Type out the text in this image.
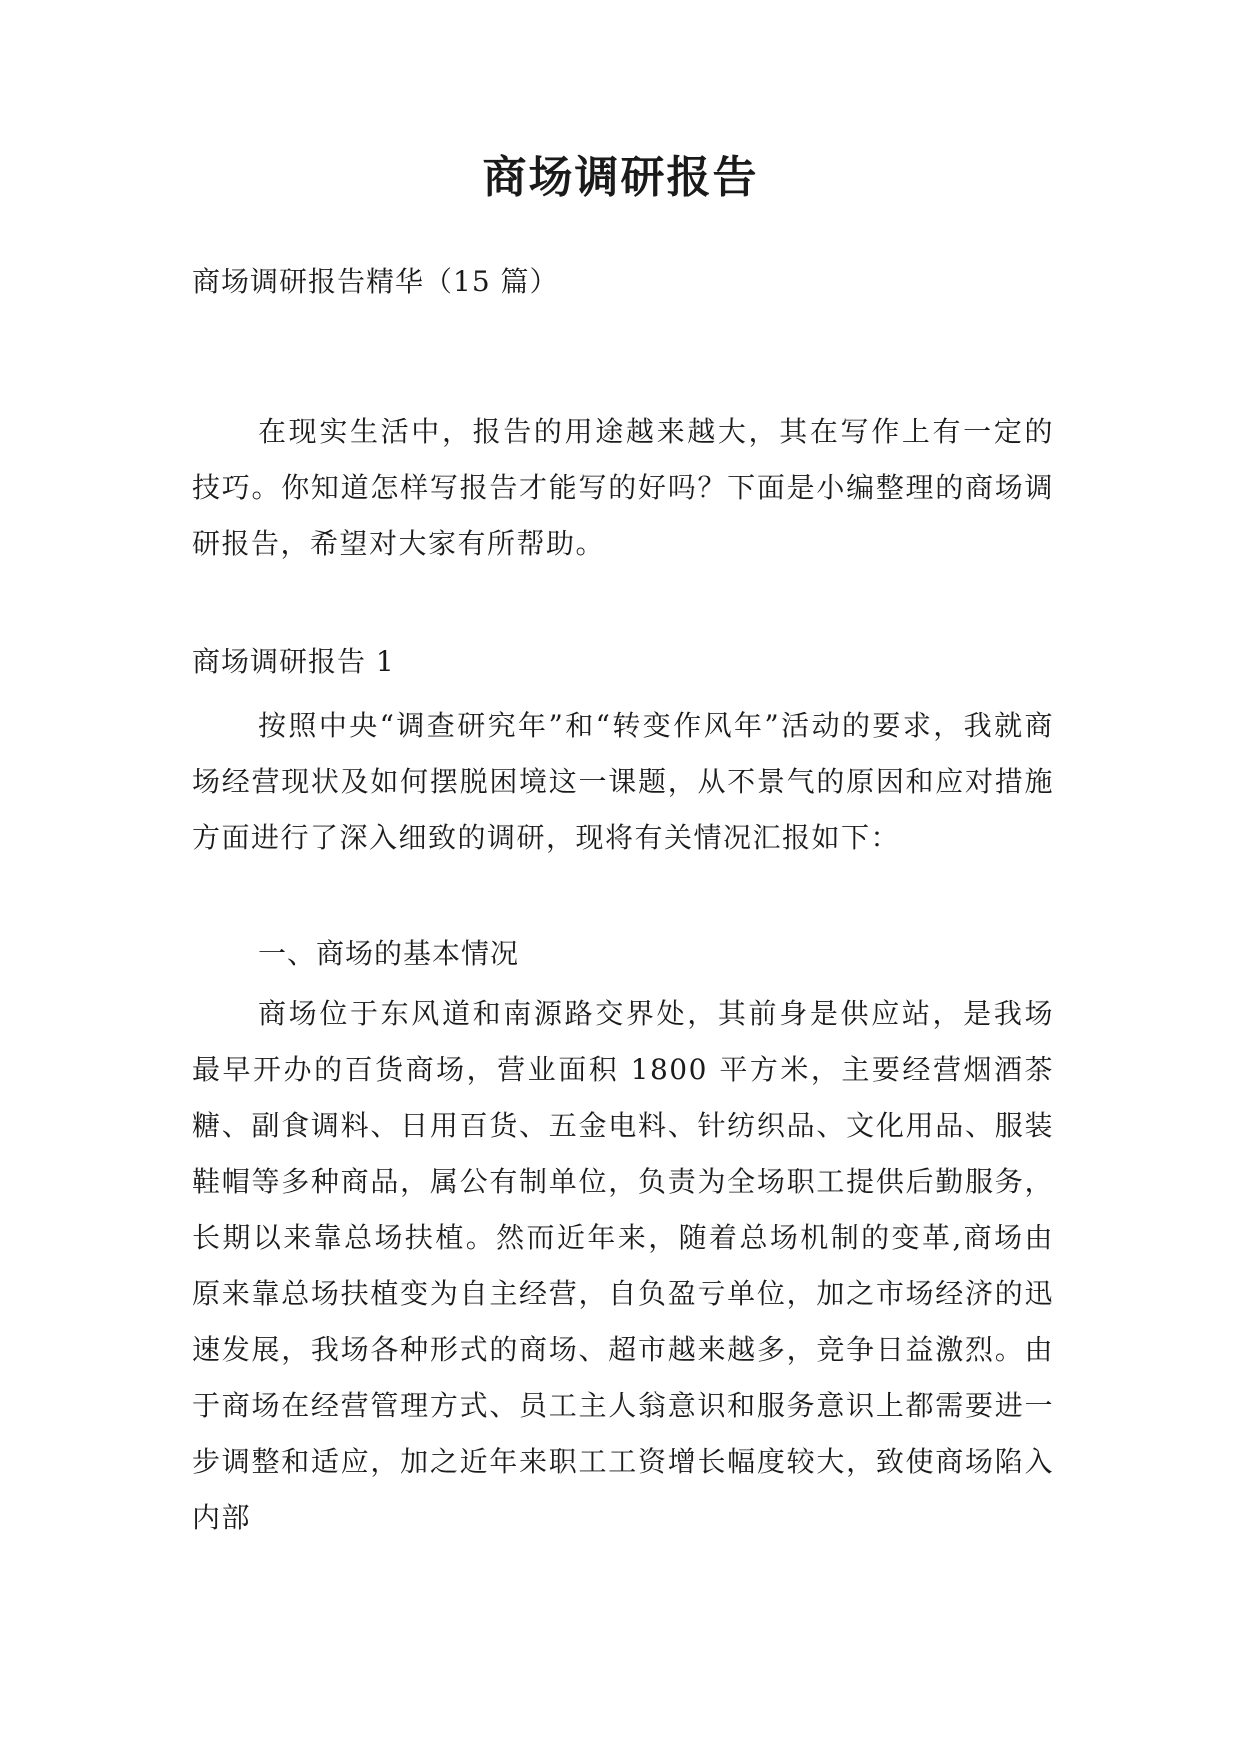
商场调研报告
商场调研报告精华（15 篇）
在现实生活中，报告的用途越来越大，其在写作上有一定的技巧。你知道怎样写报告才能写的好吗？下面是小编整理的商场调研报告，希望对大家有所帮助。
商场调研报告 1
按照中央“调查研究年”和“转变作风年”活动的要求，我就商场经营现状及如何摆脱困境这一课题，从不景气的原因和应对措施方面进行了深入细致的调研，现将有关情况汇报如下：
一、商场的基本情况
商场位于东风道和南源路交界处，其前身是供应站，是我场最早开办的百货商场，营业面积 1800 平方米，主要经营烟酒茶糖、副食调料、日用百货、五金电料、针纺织品、文化用品、服装鞋帽等多种商品，属公有制单位，负责为全场职工提供后勤服务，长期以来靠总场扶植。然而近年来，随着总场机制的变革,商场由原来靠总场扶植变为自主经营，自负盈亏单位，加之市场经济的迅速发展，我场各种形式的商场、超市越来越多，竞争日益激烈。由于商场在经营管理方式、员工主人翁意识和服务意识上都需要进一步调整和适应，加之近年来职工工资增长幅度较大，致使商场陷入内部
